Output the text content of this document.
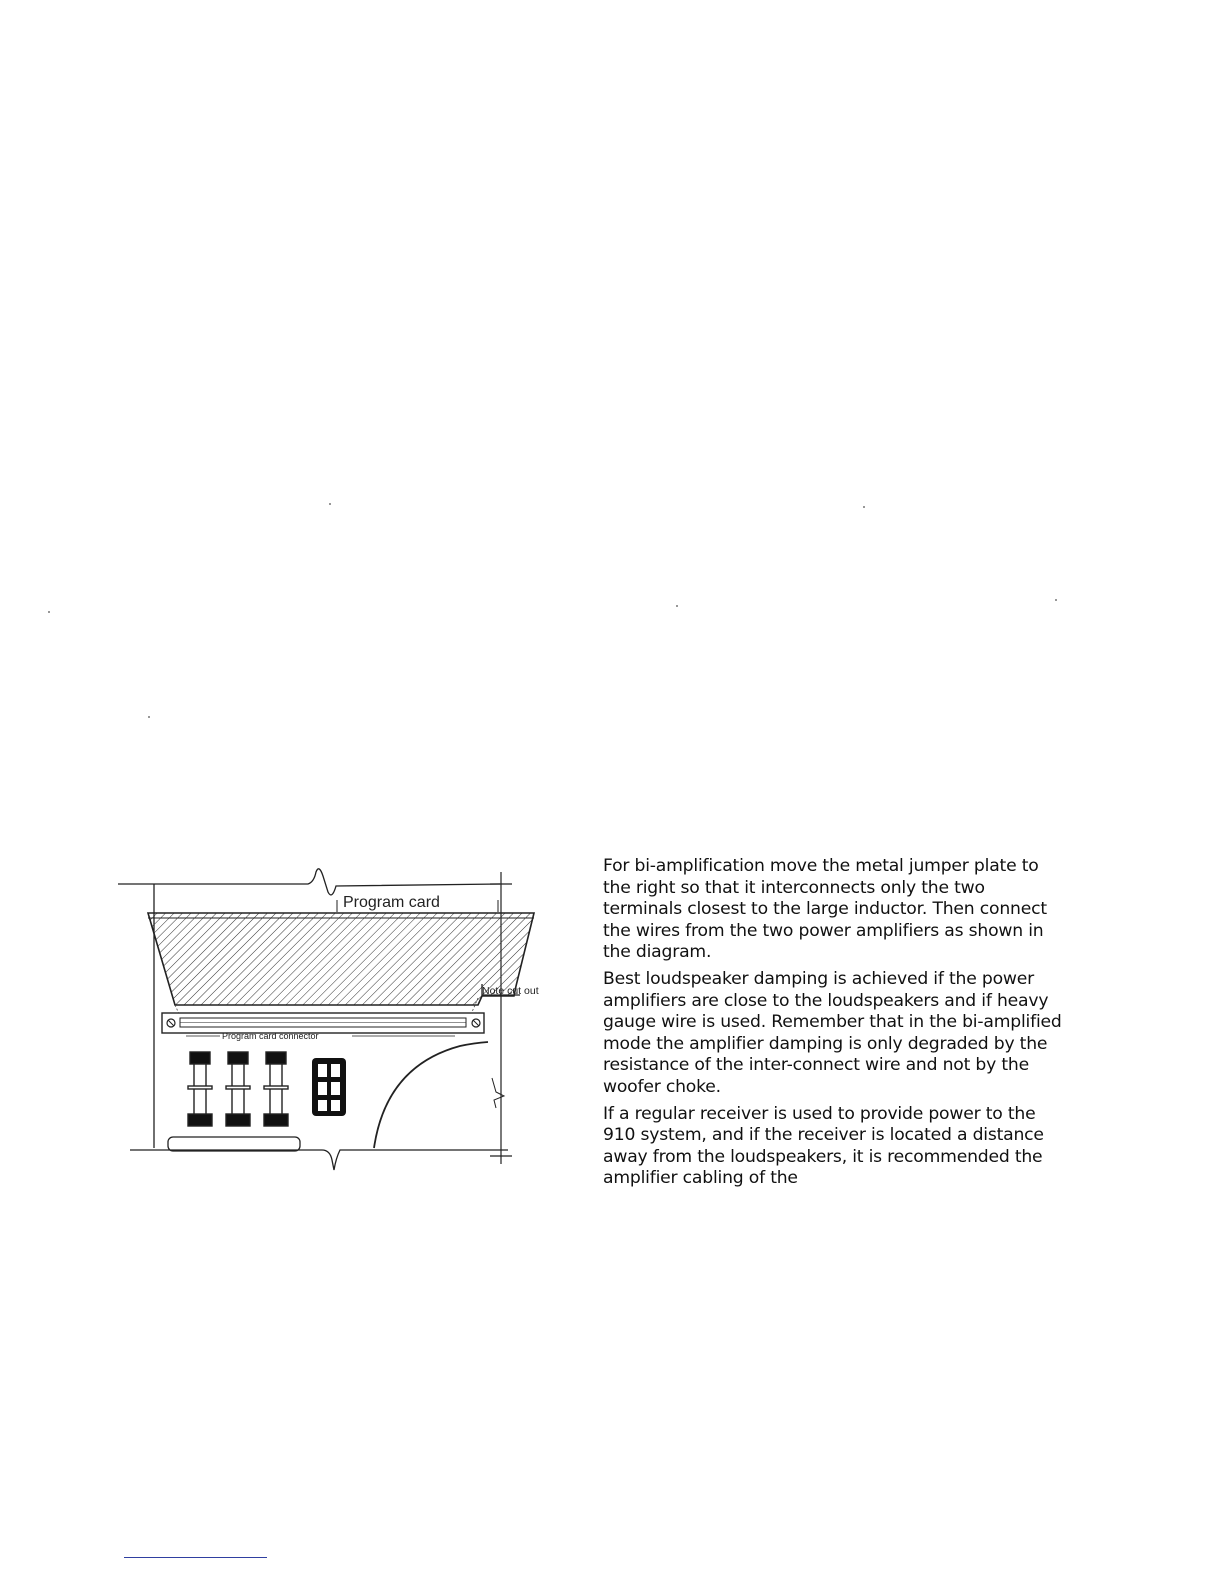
Program card
Note cut out
Program card connector

For bi-amplification move the metal jumper plate to the right so that it interconnects only the two terminals closest to the large inductor. Then connect the wires from the two power amplifiers as shown in the diagram.

Best loudspeaker damping is achieved if the power amplifiers are close to the loudspeakers and if heavy gauge wire is used. Remember that in the bi-amplified mode the amplifier damping is only degraded by the resistance of the inter-connect wire and not by the woofer choke.

If a regular receiver is used to provide power to the 910 system, and if the receiver is located a distance away from the loudspeakers, it is recommended the amplifier cabling of the
